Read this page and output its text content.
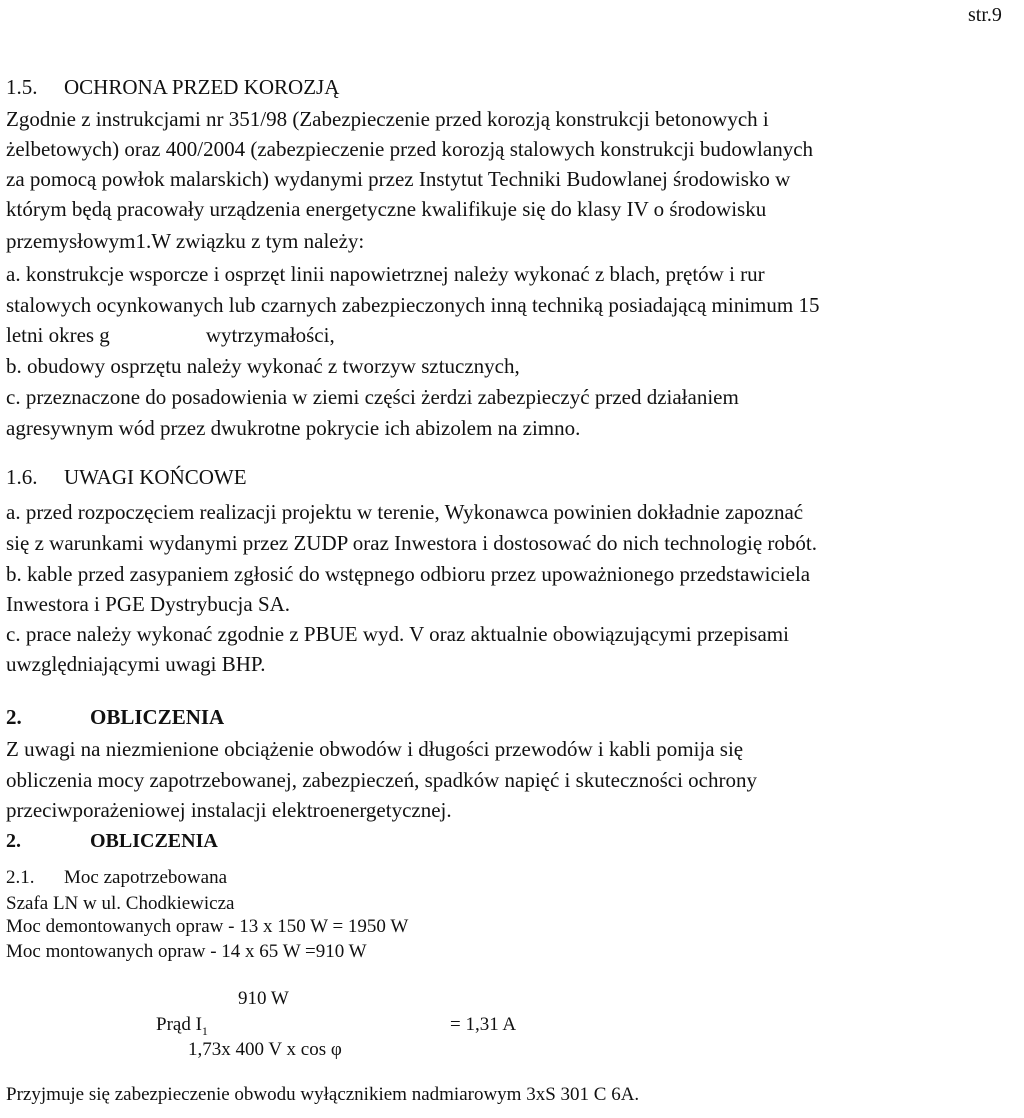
str.9
1.5. OCHRONA PRZED KOROZJĄ
Zgodnie z instrukcjami nr 351/98 (Zabezpieczenie przed korozją konstrukcji betonowych i
żelbetowych) oraz 400/2004 (zabezpieczenie przed korozją stalowych konstrukcji budowlanych
za pomocą powłok malarskich) wydanymi przez Instytut Techniki Budowlanej środowisko w
którym będą pracowały urządzenia energetyczne kwalifikuje się do klasy IV o środowisku
przemysłowym1.W związku z tym należy:
a. konstrukcje wsporcze i osprzęt linii napowietrznej należy wykonać z blach, prętów i rur
stalowych ocynkowanych lub czarnych zabezpieczonych inną techniką posiadającą minimum 15
letni okres g	wytrzymałości,
b. obudowy osprzętu należy wykonać z tworzyw sztucznych,
c. przeznaczone do posadowienia w ziemi części żerdzi zabezpieczyć przed działaniem
agresywnym wód przez dwukrotne pokrycie ich abizolem na zimno.
1.6. UWAGI KOŃCOWE
a. przed rozpoczęciem realizacji projektu w terenie, Wykonawca powinien dokładnie zapoznać
się z warunkami wydanymi przez ZUDP oraz Inwestora i dostosować do nich technologię robót.
b. kable przed zasypaniem zgłosić do wstępnego odbioru przez upoważnionego przedstawiciela
Inwestora i PGE Dystrybucja SA.
c. prace należy wykonać zgodnie z PBUE wyd. V oraz aktualnie obowiązującymi przepisami
uwzględniającymi uwagi BHP.
2.	OBLICZENIA
Z uwagi na niezmienione obciążenie obwodów i długości przewodów i kabli pomija się
obliczenia mocy zapotrzebowanej, zabezpieczeń, spadków napięć i skuteczności ochrony
przeciwporażeniowej instalacji elektroenergetycznej.
2.	OBLICZENIA
2.1. Moc zapotrzebowana
Szafa LN w ul. Chodkiewicza
Moc demontowanych opraw - 13 x 150 W = 1950 W
Moc montowanych opraw - 14 x 65 W =910 W
910 W
Prąd $I_1$	= 1,31 A
1,73x 400 V x cos φ
Przyjmuje się zabezpieczenie obwodu wyłącznikiem nadmiarowym 3xS 301 C 6A.
